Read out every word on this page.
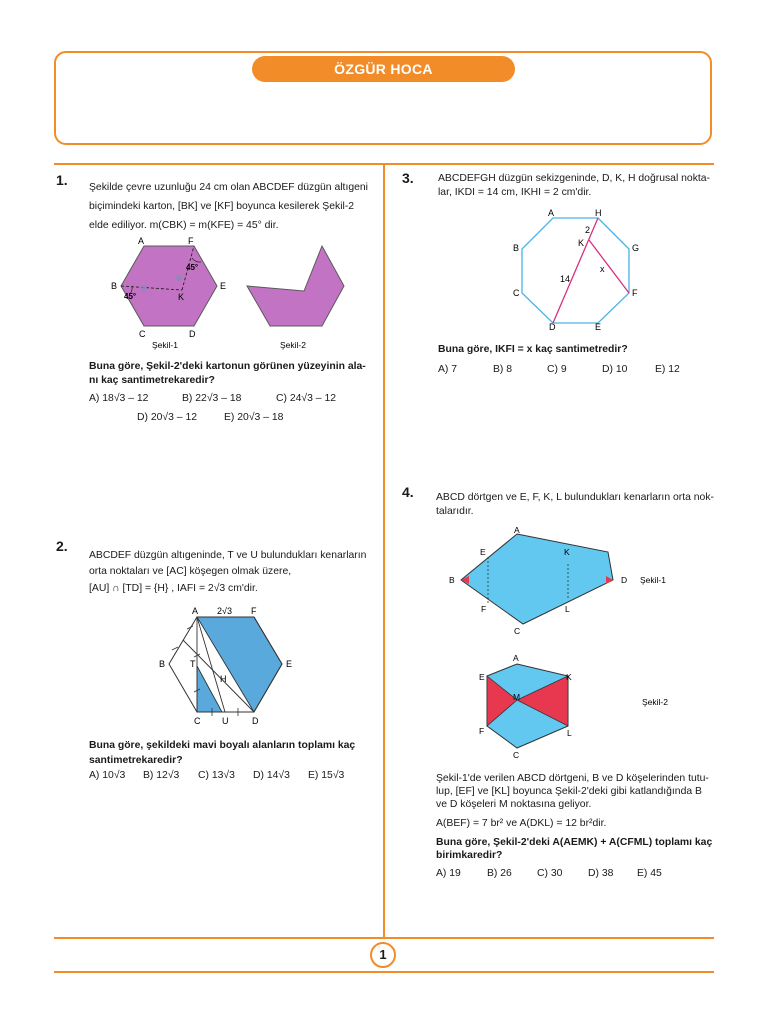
ÖZGÜR HOCA
1
1. Şekilde çevre uzunluğu 24 cm olan ABCDEF düzgün altıgeni

biçimindeki karton, [BK] ve [KF] boyunca kesilerek Şekil-2

elde ediliyor. m(CBK) = m(KFE) = 45° dir.

A	F
B	E
K
C	D
45°
45°
Şekil-1	Şekil-2

Buna göre, Şekil-2'deki kartonun görünen yüzeyinin ala-

nı kaç santimetrekaredir?

A) 18√3 – 12	B) 22√3 – 18	C) 24√3 – 12
D) 20√3 – 12	E) 20√3 – 18
2.

ABCDEF düzgün altıgeninde, T ve U bulundukları kenarların

orta noktaları ve [AC] köşegen olmak üzere,

[AU] ∩ [TD] = {H} , IAFI = 2√3 cm'dir.

A 2√3 F
B	T
H
E
C U	D

Buna göre, şekildeki mavi boyalı alanların toplamı kaç

santimetrekaredir?

A) 10√3 B) 12√3 C) 13√3 D) 14√3 E) 15√3
3. ABCDEFGH düzgün sekizgeninde, D, K, H doğrusal nokta-

lar, IKDI = 14 cm, IKHI = 2 cm'dir.

A	H
B	G
C	F
D	E
K
2
14
x
Buna göre, IKFI = x kaç santimetredir?
A) 7	B) 8	C) 9	D) 10	E) 12
4. ABCD dörtgen ve E, F, K, L bulundukları kenarların orta nok-

talarıdır.

A
E	K
B	D
F	L
C
Şekil-1
A
E	K
M
F	L
C
Şekil-2

Şekil-1'de verilen ABCD dörtgeni, B ve D köşelerinden tutu-

lup, [EF] ve [KL] boyunca Şekil-2'deki gibi katlandığında B

ve D köşeleri M noktasına geliyor.

A(BEF) = 7 br² ve A(DKL) = 12 br²dir.

Buna göre, Şekil-2'deki A(AEMK) + A(CFML) toplamı kaç

birimkaredir?

A) 19	B) 26 C) 30 D) 38 E) 45
